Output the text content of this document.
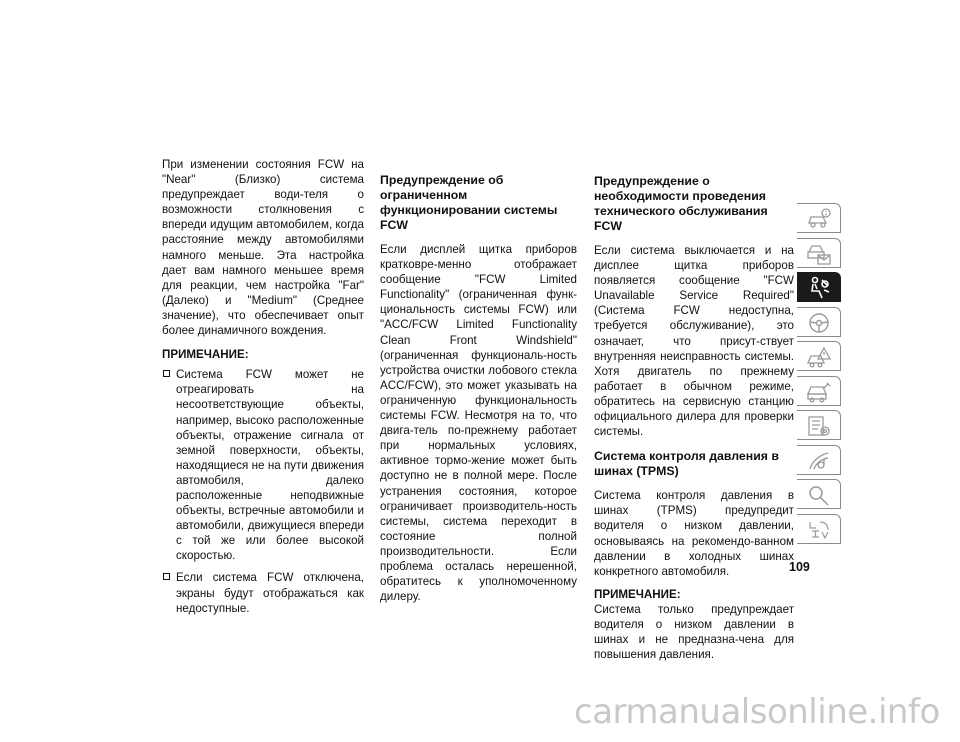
При изменении состояния FCW на "Near" (Близко) система предупреждает води-теля о возможности столкновения с впереди идущим автомобилем, когда расстояние между автомобилями намного меньше. Эта настройка дает вам намного меньшее время для реакции, чем настройка "Far" (Далеко) и "Medium" (Среднее значение), что обеспечивает опыт более динамичного вождения.

ПРИМЕЧАНИЕ:
Система FCW может не отреагировать на несоответствующие объекты, например, высоко расположенные объекты, отражение сигнала от земной поверхности, объекты, находящиеся не на пути движения автомобиля, далеко расположенные неподвижные объекты, встречные автомобили и автомобили, движущиеся впереди с той же или более высокой скоростью.
Если система FCW отключена, экраны будут отображаться как недоступные.
Предупреждение об ограниченном функционировании системы FCW

Если дисплей щитка приборов кратковре-менно отображает сообщение "FCW Limited Functionality" (ограниченная функ-циональность системы FCW) или "ACC/FCW Limited Functionality Clean Front Windshield" (ограниченная функциональ-ность устройства очистки лобового стекла ACC/FCW), это может указывать на ограниченную функциональность системы FCW. Несмотря на то, что двига-тель по-прежнему работает при нормальных условиях, активное тормо-жение может быть доступно не в полной мере. После устранения состояния, которое ограничивает производитель-ность системы, система переходит в состояние полной производительности. Если проблема осталась нерешенной, обратитесь к уполномоченному дилеру.

Предупреждение о необходимости проведения технического обслуживания FCW

Если система выключается и на дисплее щитка приборов появляется сообщение "FCW Unavailable Service Required" (Система FCW недоступна, требуется обслуживание), это означает, что присут-ствует внутренняя неисправность системы. Хотя двигатель по прежнему работает в обычном режиме, обратитесь на сервисную станцию официального дилера для проверки системы.

Система контроля давления в шинах (TPMS)

Система контроля давления в шинах (TPMS) предупредит водителя о низком давлении, основываясь на рекомендо-ванном давлении в холодных шинах конкретного автомобиля.

ПРИМЕЧАНИЕ:

Система только предупреждает водителя о низком давлении в шинах и не предназна-чена для повышения давления.

109
carmanualsonline.info
